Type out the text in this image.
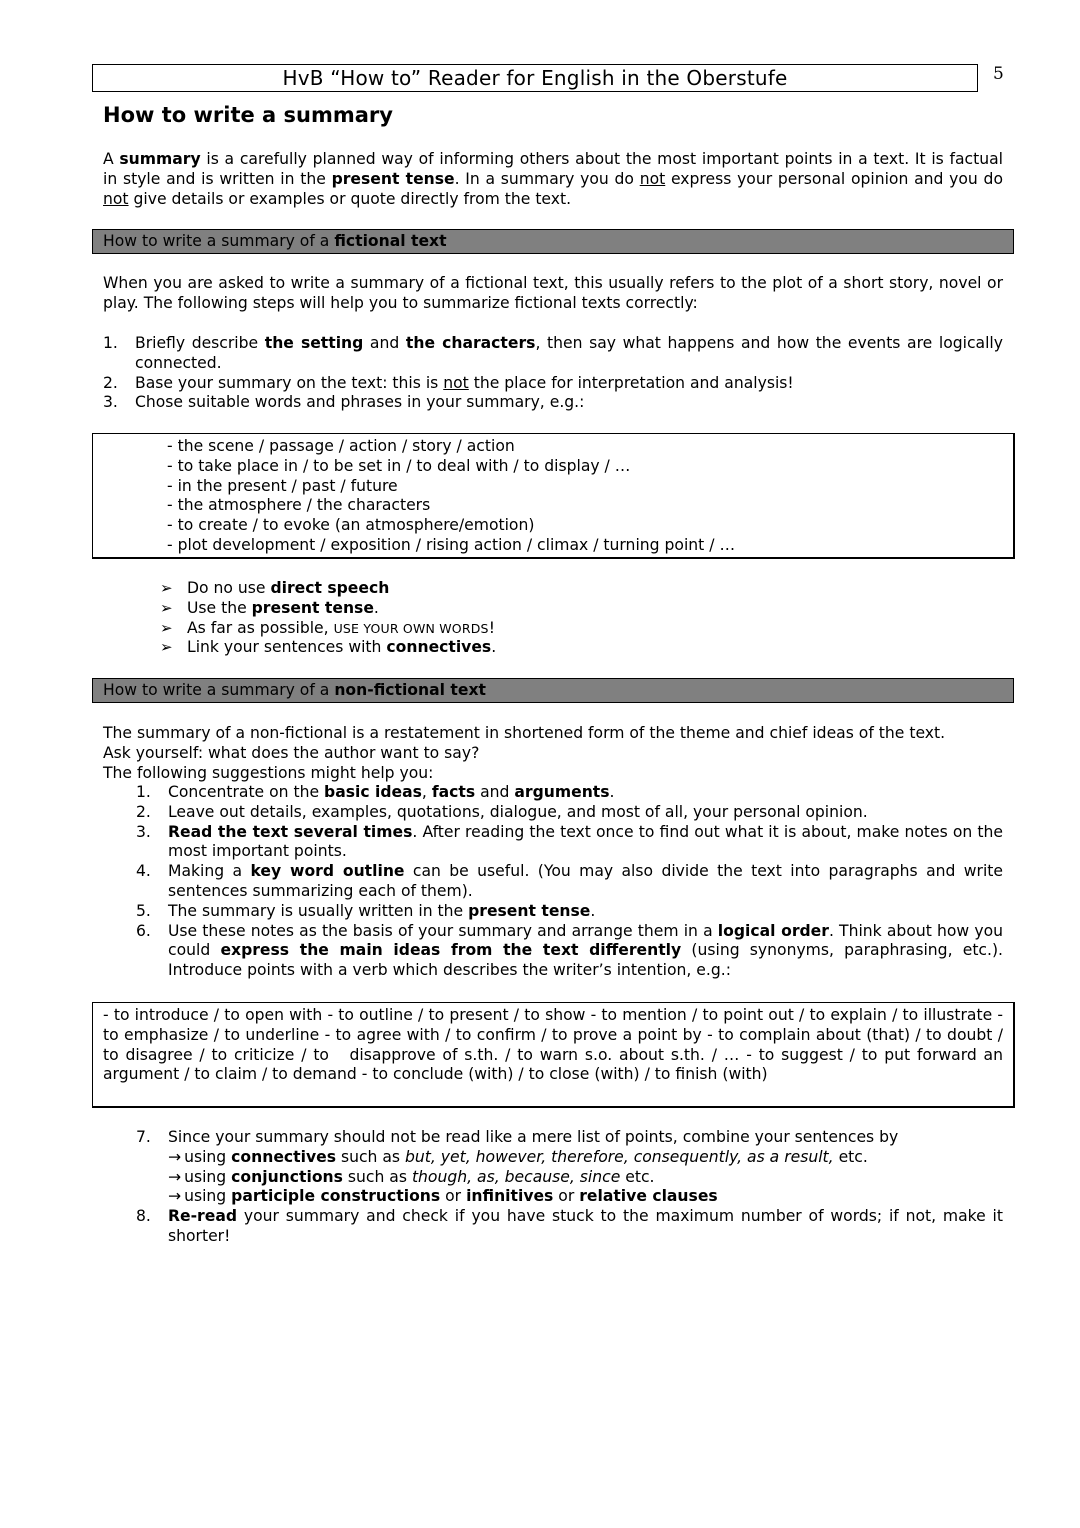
HvB “How to” Reader for English in the Oberstufe	5
How to write a summary

A summary is a carefully planned way of informing others about the most important points in a text. It is factual in style and is written in the present tense. In a summary you do not express your personal opinion and you do not give details or examples or quote directly from the text.

How to write a summary of a fictional text

When you are asked to write a summary of a fictional text, this usually refers to the plot of a short story, novel or play. The following steps will help you to summarize fictional texts correctly:

1. Briefly describe the setting and the characters, then say what happens and how the events are logically connected.
2. Base your summary on the text: this is not the place for interpretation and analysis!
3. Chose suitable words and phrases in your summary, e.g.:
- the scene / passage / action / story / action
- to take place in / to be set in / to deal with / to display / …
- in the present / past / future
- the atmosphere / the characters
- to create / to evoke (an atmosphere/emotion)
- plot development / exposition / rising action / climax / turning point / …
➢ Do no use direct speech
➢ Use the present tense.
➢ As far as possible, USE YOUR OWN WORDS!
➢ Link your sentences with connectives.
How to write a summary of a non-fictional text
The summary of a non-fictional is a restatement in shortened form of the theme and chief ideas of the text.
Ask yourself: what does the author want to say?
The following suggestions might help you:
1. Concentrate on the basic ideas, facts and arguments.
2. Leave out details, examples, quotations, dialogue, and most of all, your personal opinion.
3. Read the text several times. After reading the text once to find out what it is about, make notes on the most important points.
4. Making a key word outline can be useful. (You may also divide the text into paragraphs and write sentences summarizing each of them).
5. The summary is usually written in the present tense.
6. Use these notes as the basis of your summary and arrange them in a logical order. Think about how you could express the main ideas from the text differently (using synonyms, paraphrasing, etc.). Introduce points with a verb which describes the writer’s intention, e.g.:
- to introduce / to open with - to outline / to present / to show - to mention / to point out / to explain / to illustrate - to emphasize / to underline - to agree with / to confirm / to prove a point by - to complain about (that) / to doubt / to disagree / to criticize / to   disapprove of s.th. / to warn s.o. about s.th. / … - to suggest / to put forward an argument / to claim / to demand - to conclude (with) / to close (with) / to finish (with)
7. Since your summary should not be read like a mere list of points, combine your sentences by
→ using connectives such as but, yet, however, therefore, consequently, as a result, etc.
→ using conjunctions such as though, as, because, since etc.
→ using participle constructions or infinitives or relative clauses
8. Re-read your summary and check if you have stuck to the maximum number of words; if not, make it shorter!
